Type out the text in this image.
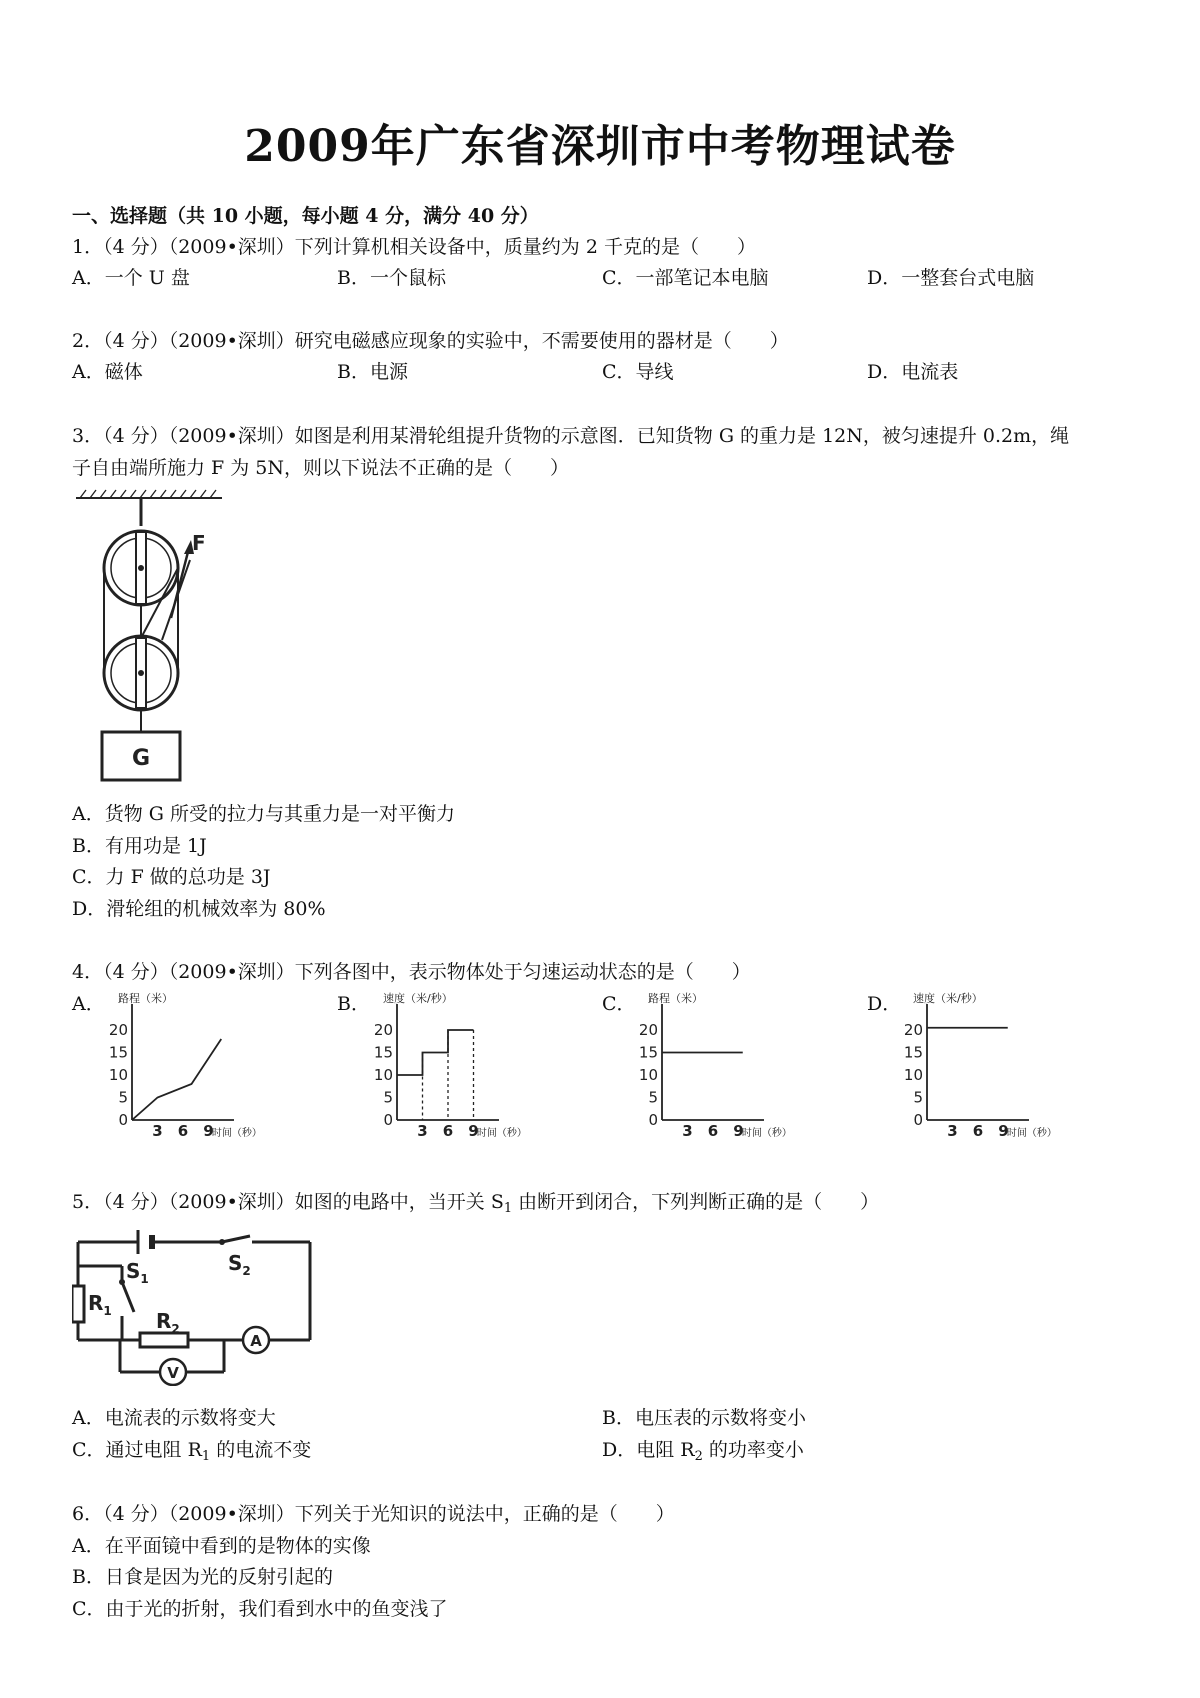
2009年广东省深圳市中考物理试卷
一、选择题（共 10 小题，每小题 4 分，满分 40 分）
1．（4 分）（2009•深圳）下列计算机相关设备中，质量约为 2 千克的是（　　）
A．一个 U 盘	B．一个鼠标	C．一部笔记本电脑	D．一整套台式电脑
2．（4 分）（2009•深圳）研究电磁感应现象的实验中，不需要使用的器材是（　　）
A．磁体	B．电源	C．导线	D．电流表
3．（4 分）（2009•深圳）如图是利用某滑轮组提升货物的示意图．已知货物 G 的重力是 12N，被匀速提升 0.2m，绳
子自由端所施力 F 为 5N，则以下说法不正确的是（　　）
F
G
A．货物 G 所受的拉力与其重力是一对平衡力
B．有用功是 1J
C．力 F 做的总功是 3J
D．滑轮组的机械效率为 80%
4．（4 分）（2009•深圳）下列各图中，表示物体处于匀速运动状态的是（　　）
A．	B．	C．	D．
路程（米）
时间（秒）
20
15
10
5
0
3 6 9
速度（米/秒）
时间（秒）
20
15
10
5
0
3 6 9
路程（米）
时间（秒）
20
15
10
5
0
3 6 9
速度（米/秒）
时间（秒）
20
15
10
5
0
3 6 9
5．（4 分）（2009•深圳）如图的电路中，当开关 $S_1$ 由断开到闭合，下列判断正确的是（　　）
A
V
$S_1$
$S_2$
$R_1$ $R_2$
A．电流表的示数将变大	B．电压表的示数将变小
C．通过电阻 $R_1$ 的电流不变	D．电阻 $R_2$ 的功率变小
6．（4 分）（2009•深圳）下列关于光知识的说法中，正确的是（　　）
A．在平面镜中看到的是物体的实像
B．日食是因为光的反射引起的
C．由于光的折射，我们看到水中的鱼变浅了
